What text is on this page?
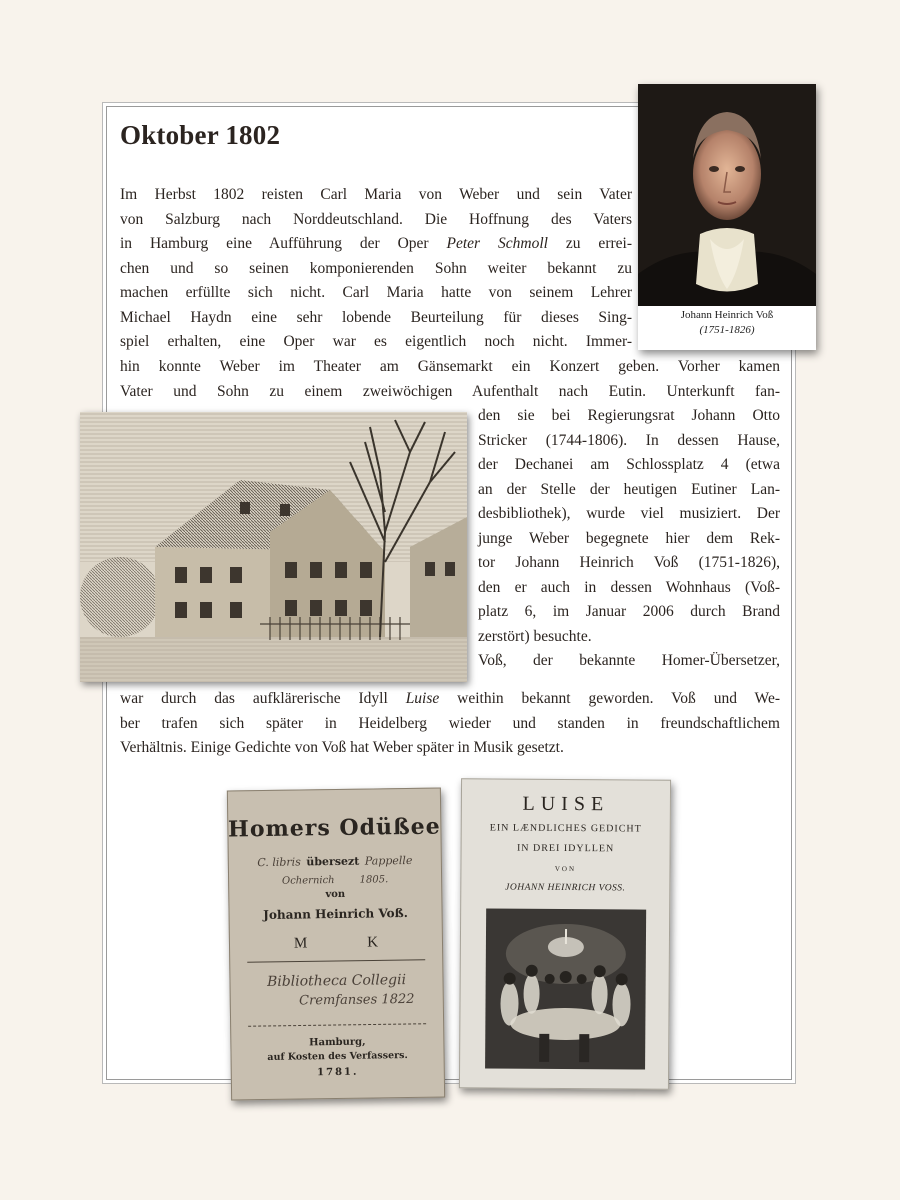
Oktober 1802
Im Herbst 1802 reisten Carl Maria von Weber und sein Vater
von Salzburg nach Norddeutschland. Die Hoffnung des Vaters
in Hamburg eine Aufführung der Oper Peter Schmoll zu errei-
chen und so seinen komponierenden Sohn weiter bekannt zu
machen erfüllte sich nicht. Carl Maria hatte von seinem Lehrer
Michael Haydn eine sehr lobende Beurteilung für dieses Sing-
spiel erhalten, eine Oper war es eigentlich noch nicht. Immer-
hin konnte Weber im Theater am Gänsemarkt ein Konzert geben. Vorher kamen
Vater und Sohn zu einem zweiwöchigen Aufenthalt nach Eutin. Unterkunft fan-
den sie bei Regierungsrat Johann Otto
Stricker (1744-1806). In dessen Hause,
der Dechanei am Schlossplatz 4 (etwa
an der Stelle der heutigen Eutiner Lan-
desbibliothek), wurde viel musiziert. Der
junge Weber begegnete hier dem Rek-
tor Johann Heinrich Voß (1751-1826),
den er auch in dessen Wohnhaus (Voß-
platz 6, im Januar 2006 durch Brand
zerstört) besuchte.
Voß, der bekannte Homer-Übersetzer,
war durch das aufklärerische Idyll Luise weithin bekannt geworden. Voß und We-
ber trafen sich später in Heidelberg wieder und standen in freundschaftlichem
Verhältnis. Einige Gedichte von Voß hat Weber später in Musik gesetzt.
Johann Heinrich Voß
(1751-1826)
Homers Odüßee
C. libris übersezt Pappelle
Ochernich 1805.
von
Johann Heinrich Voß.
M	K
Bibliotheca Collegii
Cremfanses 1822
Hamburg,
auf Kosten des Verfassers.
1781.
LUISE
EIN LÆNDLICHES GEDICHT
IN DREI IDYLLEN
VON
JOHANN HEINRICH VOSS.
